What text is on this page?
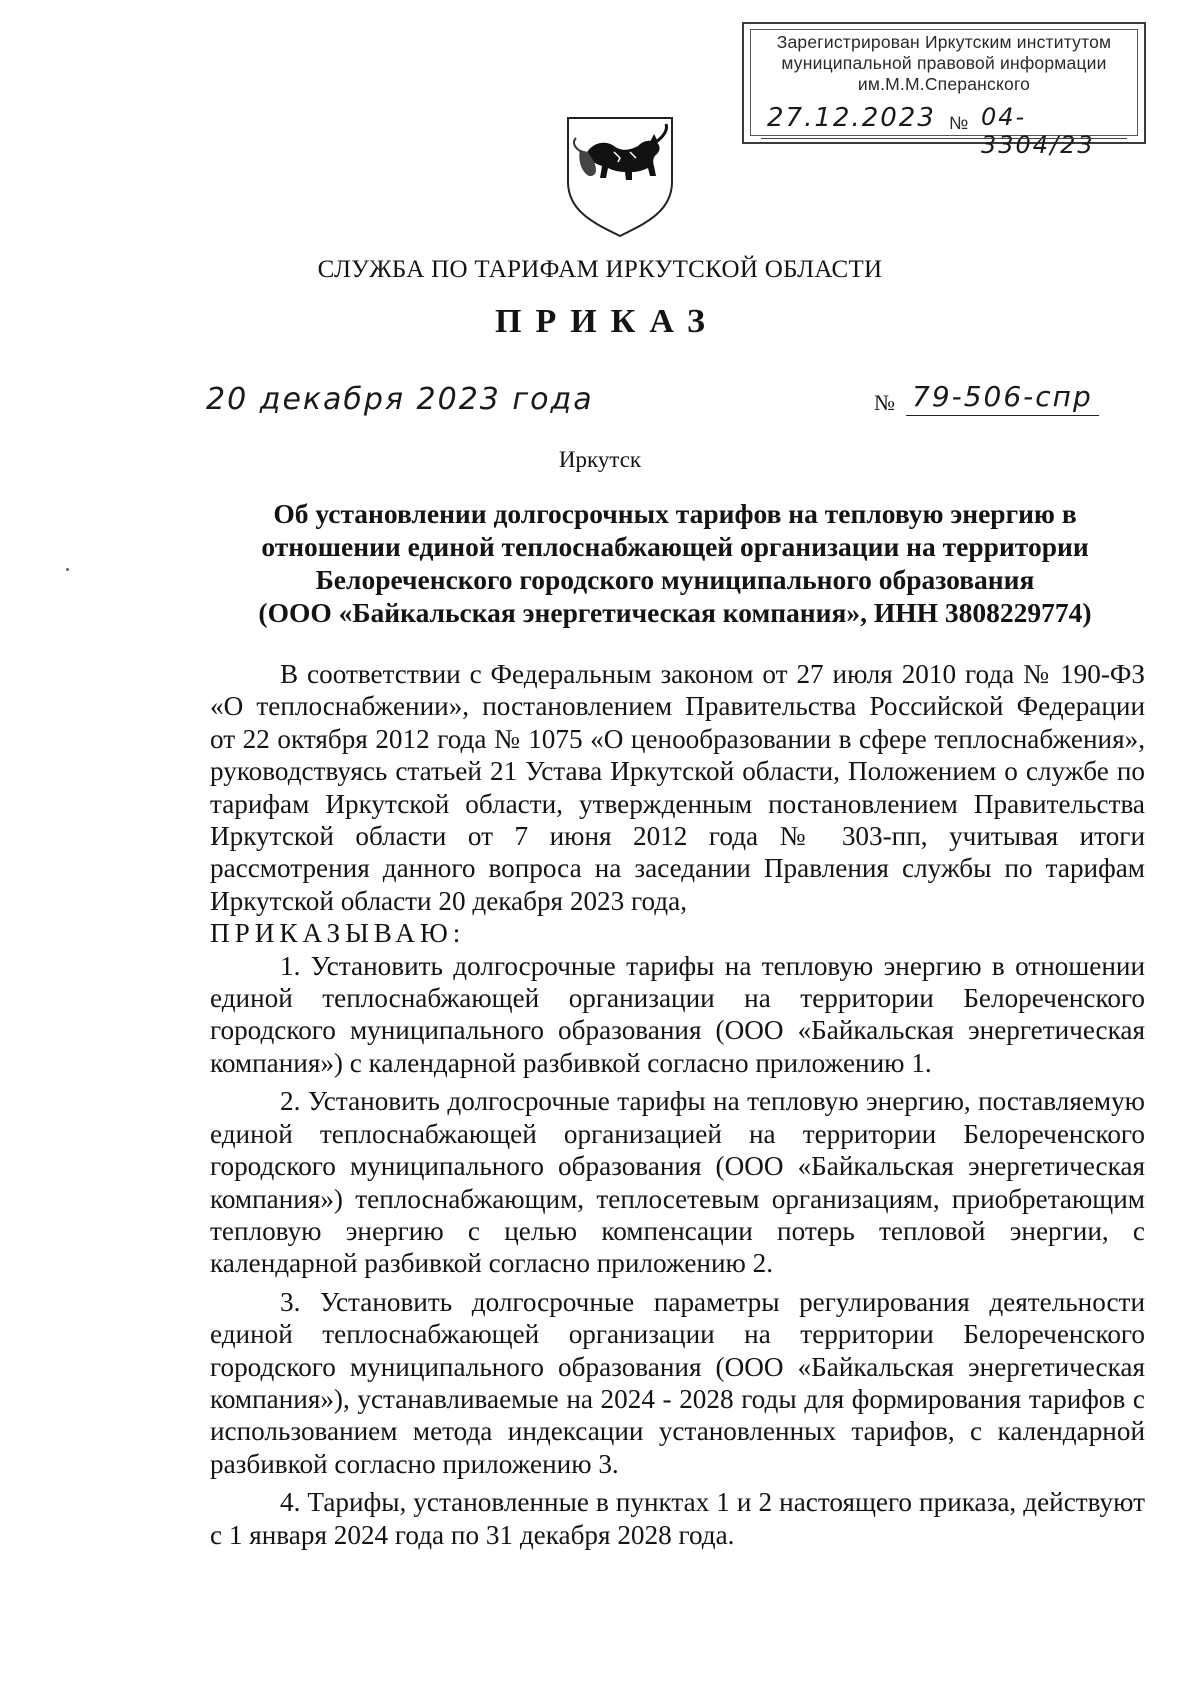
Зарегистрирован Иркутским институтом
муниципальной правовой информации
им.М.М.Сперанского
27.12.2023 № 04-3304/23
СЛУЖБА ПО ТАРИФАМ ИРКУТСКОЙ ОБЛАСТИ
ПРИКАЗ
20 декабря 2023 года	№ 79-506-спр
Иркутск
Об установлении долгосрочных тарифов на тепловую энергию в
отношении единой теплоснабжающей организации на территории
Белореченского городского муниципального образования
(ООО «Байкальская энергетическая компания», ИНН 3808229774)
В соответствии с Федеральным законом от 27 июля 2010 года № 190-ФЗ «О теплоснабжении», постановлением Правительства Российской Федерации от 22 октября 2012 года № 1075 «О ценообразовании в сфере теплоснабжения», руководствуясь статьей 21 Устава Иркутской области, Положением о службе по тарифам Иркутской области, утвержденным постановлением Правительства Иркутской области от 7 июня 2012 года № 303-пп, учитывая итоги рассмотрения данного вопроса на заседании Правления службы по тарифам Иркутской области 20 декабря 2023 года,
ПРИКАЗЫВАЮ:
1. Установить долгосрочные тарифы на тепловую энергию в отношении единой теплоснабжающей организации на территории Белореченского городского муниципального образования (ООО «Байкальская энергетическая компания») с календарной разбивкой согласно приложению 1.
2. Установить долгосрочные тарифы на тепловую энергию, поставляемую единой теплоснабжающей организацией на территории Белореченского городского муниципального образования (ООО «Байкальская энергетическая компания») теплоснабжающим, теплосетевым организациям, приобретающим тепловую энергию с целью компенсации потерь тепловой энергии, с календарной разбивкой согласно приложению 2.
3. Установить долгосрочные параметры регулирования деятельности единой теплоснабжающей организации на территории Белореченского городского муниципального образования (ООО «Байкальская энергетическая компания»), устанавливаемые на 2024 - 2028 годы для формирования тарифов с использованием метода индексации установленных тарифов, с календарной разбивкой согласно приложению 3.
4. Тарифы, установленные в пунктах 1 и 2 настоящего приказа, действуют с 1 января 2024 года по 31 декабря 2028 года.
